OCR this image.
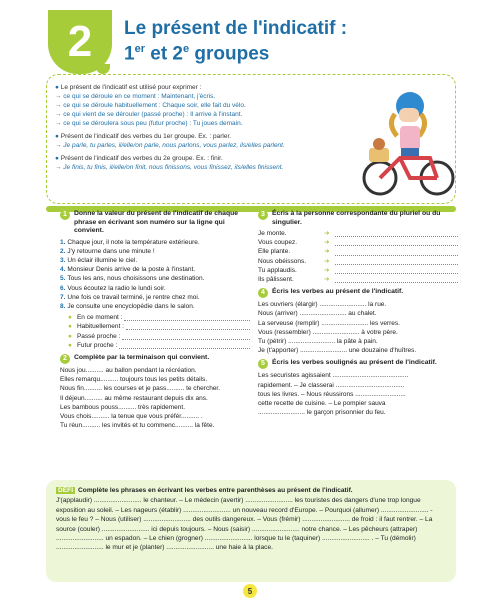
2 Le présent de l'indicatif :
1er et 2e groupes
● Le présent de l'indicatif est utilisé pour exprimer :
→ ce qui se déroule en ce moment : Maintenant, j'écris.
→ ce qui se déroule habituellement : Chaque soir, elle fait du vélo.
→ ce qui vient de se dérouler (passé proche) : Il arrive à l'instant.
→ ce qui se déroulera sous peu (futur proche) : Tu joues demain.
● Présent de l'indicatif des verbes du 1er groupe. Ex. : parler.
→ Je parle, tu parles, il/elle/on parle, nous parlons, vous parlez, ils/elles parlent.
● Présent de l'indicatif des verbes du 2e groupe. Ex. : finir.
→ Je finis, tu finis, il/elle/on finit, nous finissons, vous finissez, ils/elles finissent.
1	Donne la valeur du présent de l'indicatif de chaque phrase en écrivant son numéro sur la ligne qui convient.
1. Chaque jour, il note la température extérieure.
2. J'y retourne dans une minute !
3. Un éclair illumine le ciel.
4. Monsieur Denis arrive de la poste à l'instant.
5. Tous les ans, nous choisissons une destination.
6. Vous écoutez la radio le lundi soir.
7. Une fois ce travail terminé, je rentre chez moi.
8. Je consulte une encyclopédie dans le salon.
● En ce moment :
● Habituellement :
● Passé proche :
● Futur proche :
2	Complète par la terminaison qui convient.
Nous jou.......... au ballon pendant la récréation.
Elles remarqu.......... toujours tous les petits détails.
Nous fin.......... les courses et je pass.......... te chercher.
Il déjeun.......... au même restaurant depuis dix ans.
Les bambous pouss.......... très rapidement.
Vous chois.......... la tenue que vous préfér.......... .
Tu réun.......... les invités et tu commenc.......... la fête.
3	Écris à la personne correspondante du pluriel ou du singulier.
Je monte.	➜
Vous coupez.	➜
Elle plante.	➜
Nous obéissons.	➜
Tu applaudis.	➜
Ils pâlissent.	➜
4	Écris les verbes au présent de l'indicatif.
Les ouvriers (élargir) .......................... la rue.
Nous (arriver) .......................... au chalet.
La serveuse (remplir) .......................... les verres.
Vous (ressembler) .......................... à votre père.
Tu (pétrir) .......................... la pâte à pain.
Je (t'apporter) .......................... une douzaine d'huîtres.
5	Écris les verbes soulignés au présent de l'indicatif.
Les securistes agissaient ..........................................
rapidement. – Je classerai ......................................
tous les livres. – Nous réussirons ............................
cette recette de cuisine. – Le pompier sauva
.......................... le garçon prisonnier du feu.
DÉFI Complète les phrases en écrivant les verbes entre parenthèses au présent de l'indicatif.
J'(applaudir) .......................... le chanteur. – Le médecin (avertir) .......................... les touristes des dangers d'une trop longue exposition au soleil. – Les nageurs (établir) .......................... un nouveau record d'Europe. – Pourquoi (allumer) .......................... -vous le feu ? – Nous (utiliser) .......................... des outils dangereux. – Vous (frémir) .......................... de froid : il faut rentrer. – La source (couler) .......................... ici depuis toujours. – Nous (saisir) .......................... notre chance. – Les pêcheurs (attraper) .......................... un espadon. – Le chien (grogner) .......................... lorsque tu le (taquiner) .......................... . – Tu (démolir) .......................... le mur et je (planter) .......................... une haie à la place.
5
